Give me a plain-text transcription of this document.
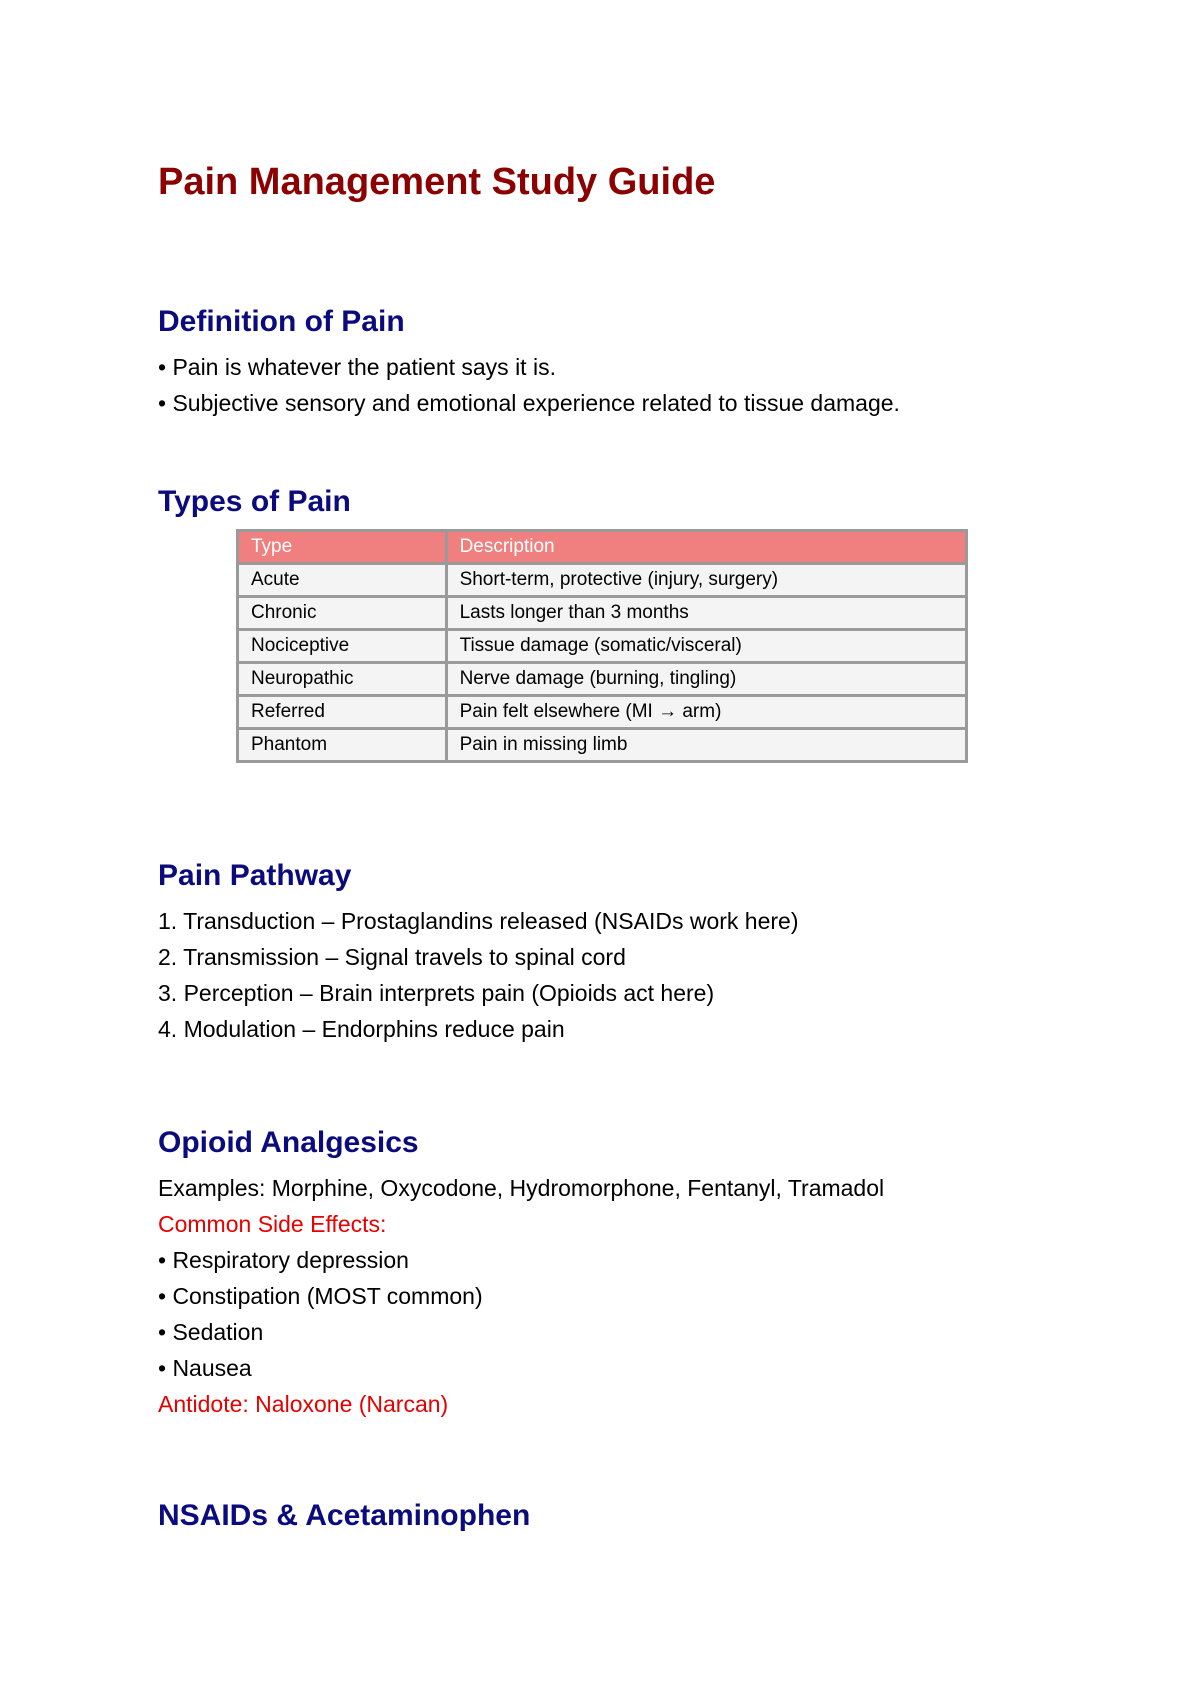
Pain Management Study Guide
Definition of Pain

• Pain is whatever the patient says it is.

• Subjective sensory and emotional experience related to tissue damage.

Types of Pain
Type	Description
Acute	Short-term, protective (injury, surgery)
Chronic	Lasts longer than 3 months
Nociceptive	Tissue damage (somatic/visceral)
Neuropathic	Nerve damage (burning, tingling)
Referred	Pain felt elsewhere (MI → arm)
Phantom	Pain in missing limb
Pain Pathway

1. Transduction – Prostaglandins released (NSAIDs work here)

2. Transmission – Signal travels to spinal cord

3. Perception – Brain interprets pain (Opioids act here)

4. Modulation – Endorphins reduce pain

Opioid Analgesics

Examples: Morphine, Oxycodone, Hydromorphone, Fentanyl, Tramadol

Common Side Effects:

• Respiratory depression

• Constipation (MOST common)

• Sedation

• Nausea

Antidote: Naloxone (Narcan)

NSAIDs & Acetaminophen
